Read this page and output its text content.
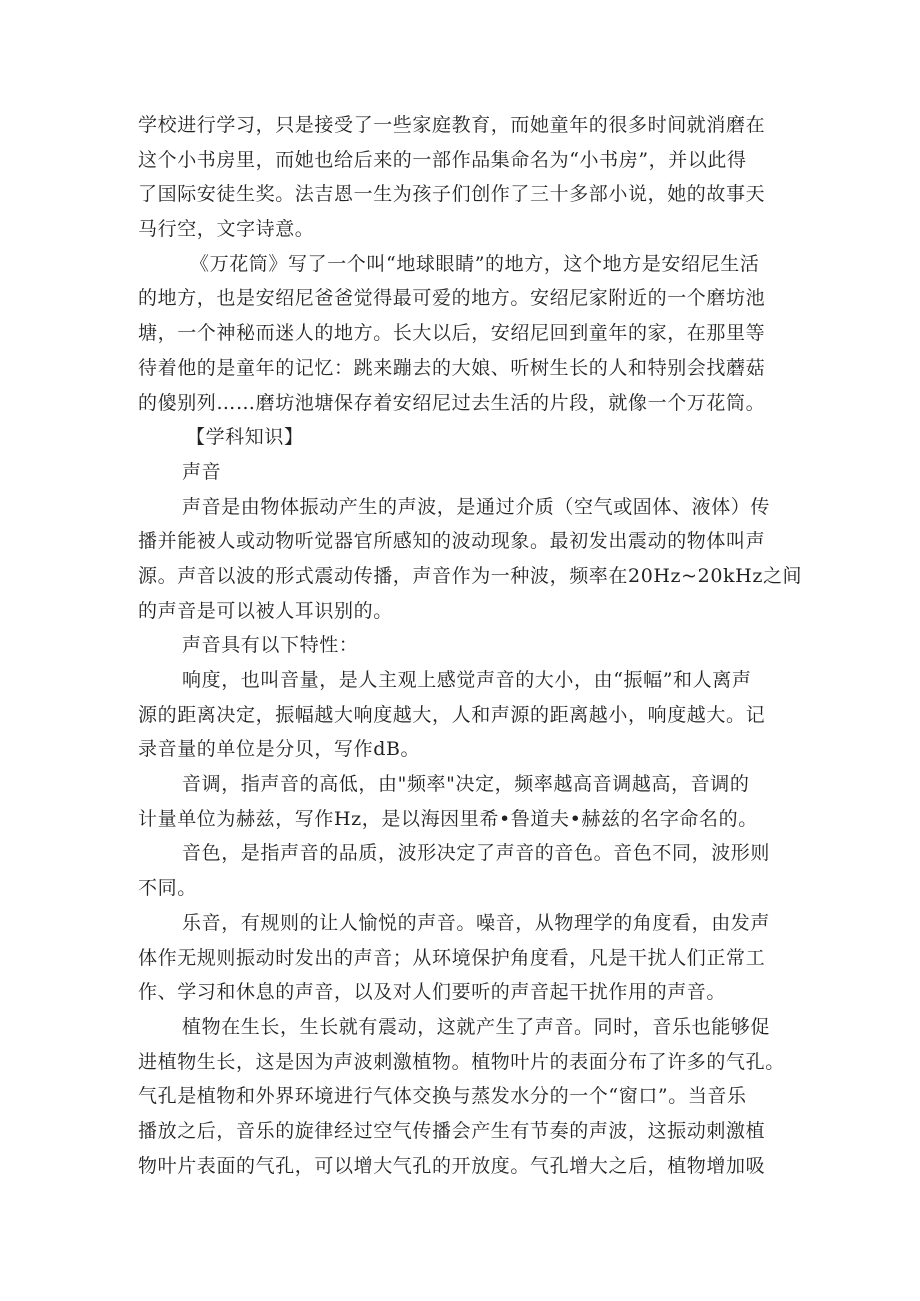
学校进行学习，只是接受了一些家庭教育，而她童年的很多时间就消磨在
这个小书房里，而她也给后来的一部作品集命名为“小书房”，并以此得
了国际安徒生奖。法吉恩一生为孩子们创作了三十多部小说，她的故事天
马行空，文字诗意。
《万花筒》写了一个叫“地球眼睛”的地方，这个地方是安绍尼生活
的地方，也是安绍尼爸爸觉得最可爱的地方。安绍尼家附近的一个磨坊池
塘，一个神秘而迷人的地方。长大以后，安绍尼回到童年的家，在那里等
待着他的是童年的记忆：跳来蹦去的大娘、听树生长的人和特别会找蘑菇
的傻别列……磨坊池塘保存着安绍尼过去生活的片段，就像一个万花筒。
【学科知识】
声音
声音是由物体振动产生的声波，是通过介质（空气或固体、液体）传
播并能被人或动物听觉器官所感知的波动现象。最初发出震动的物体叫声
源。声音以波的形式震动传播，声音作为一种波，频率在20Hz~20kHz之间
的声音是可以被人耳识别的。
声音具有以下特性：
响度，也叫音量，是人主观上感觉声音的大小，由“振幅”和人离声
源的距离决定，振幅越大响度越大，人和声源的距离越小，响度越大。记
录音量的单位是分贝，写作dB。
音调，指声音的高低，由"频率"决定，频率越高音调越高，音调的
计量单位为赫兹，写作Hz，是以海因里希•鲁道夫•赫兹的名字命名的。
音色，是指声音的品质，波形决定了声音的音色。音色不同，波形则
不同。
乐音，有规则的让人愉悦的声音。噪音，从物理学的角度看，由发声
体作无规则振动时发出的声音；从环境保护角度看，凡是干扰人们正常工
作、学习和休息的声音，以及对人们要听的声音起干扰作用的声音。
植物在生长，生长就有震动，这就产生了声音。同时，音乐也能够促
进植物生长，这是因为声波刺激植物。植物叶片的表面分布了许多的气孔。
气孔是植物和外界环境进行气体交换与蒸发水分的一个“窗口”。当音乐
播放之后，音乐的旋律经过空气传播会产生有节奏的声波，这振动刺激植
物叶片表面的气孔，可以增大气孔的开放度。气孔增大之后，植物增加吸
